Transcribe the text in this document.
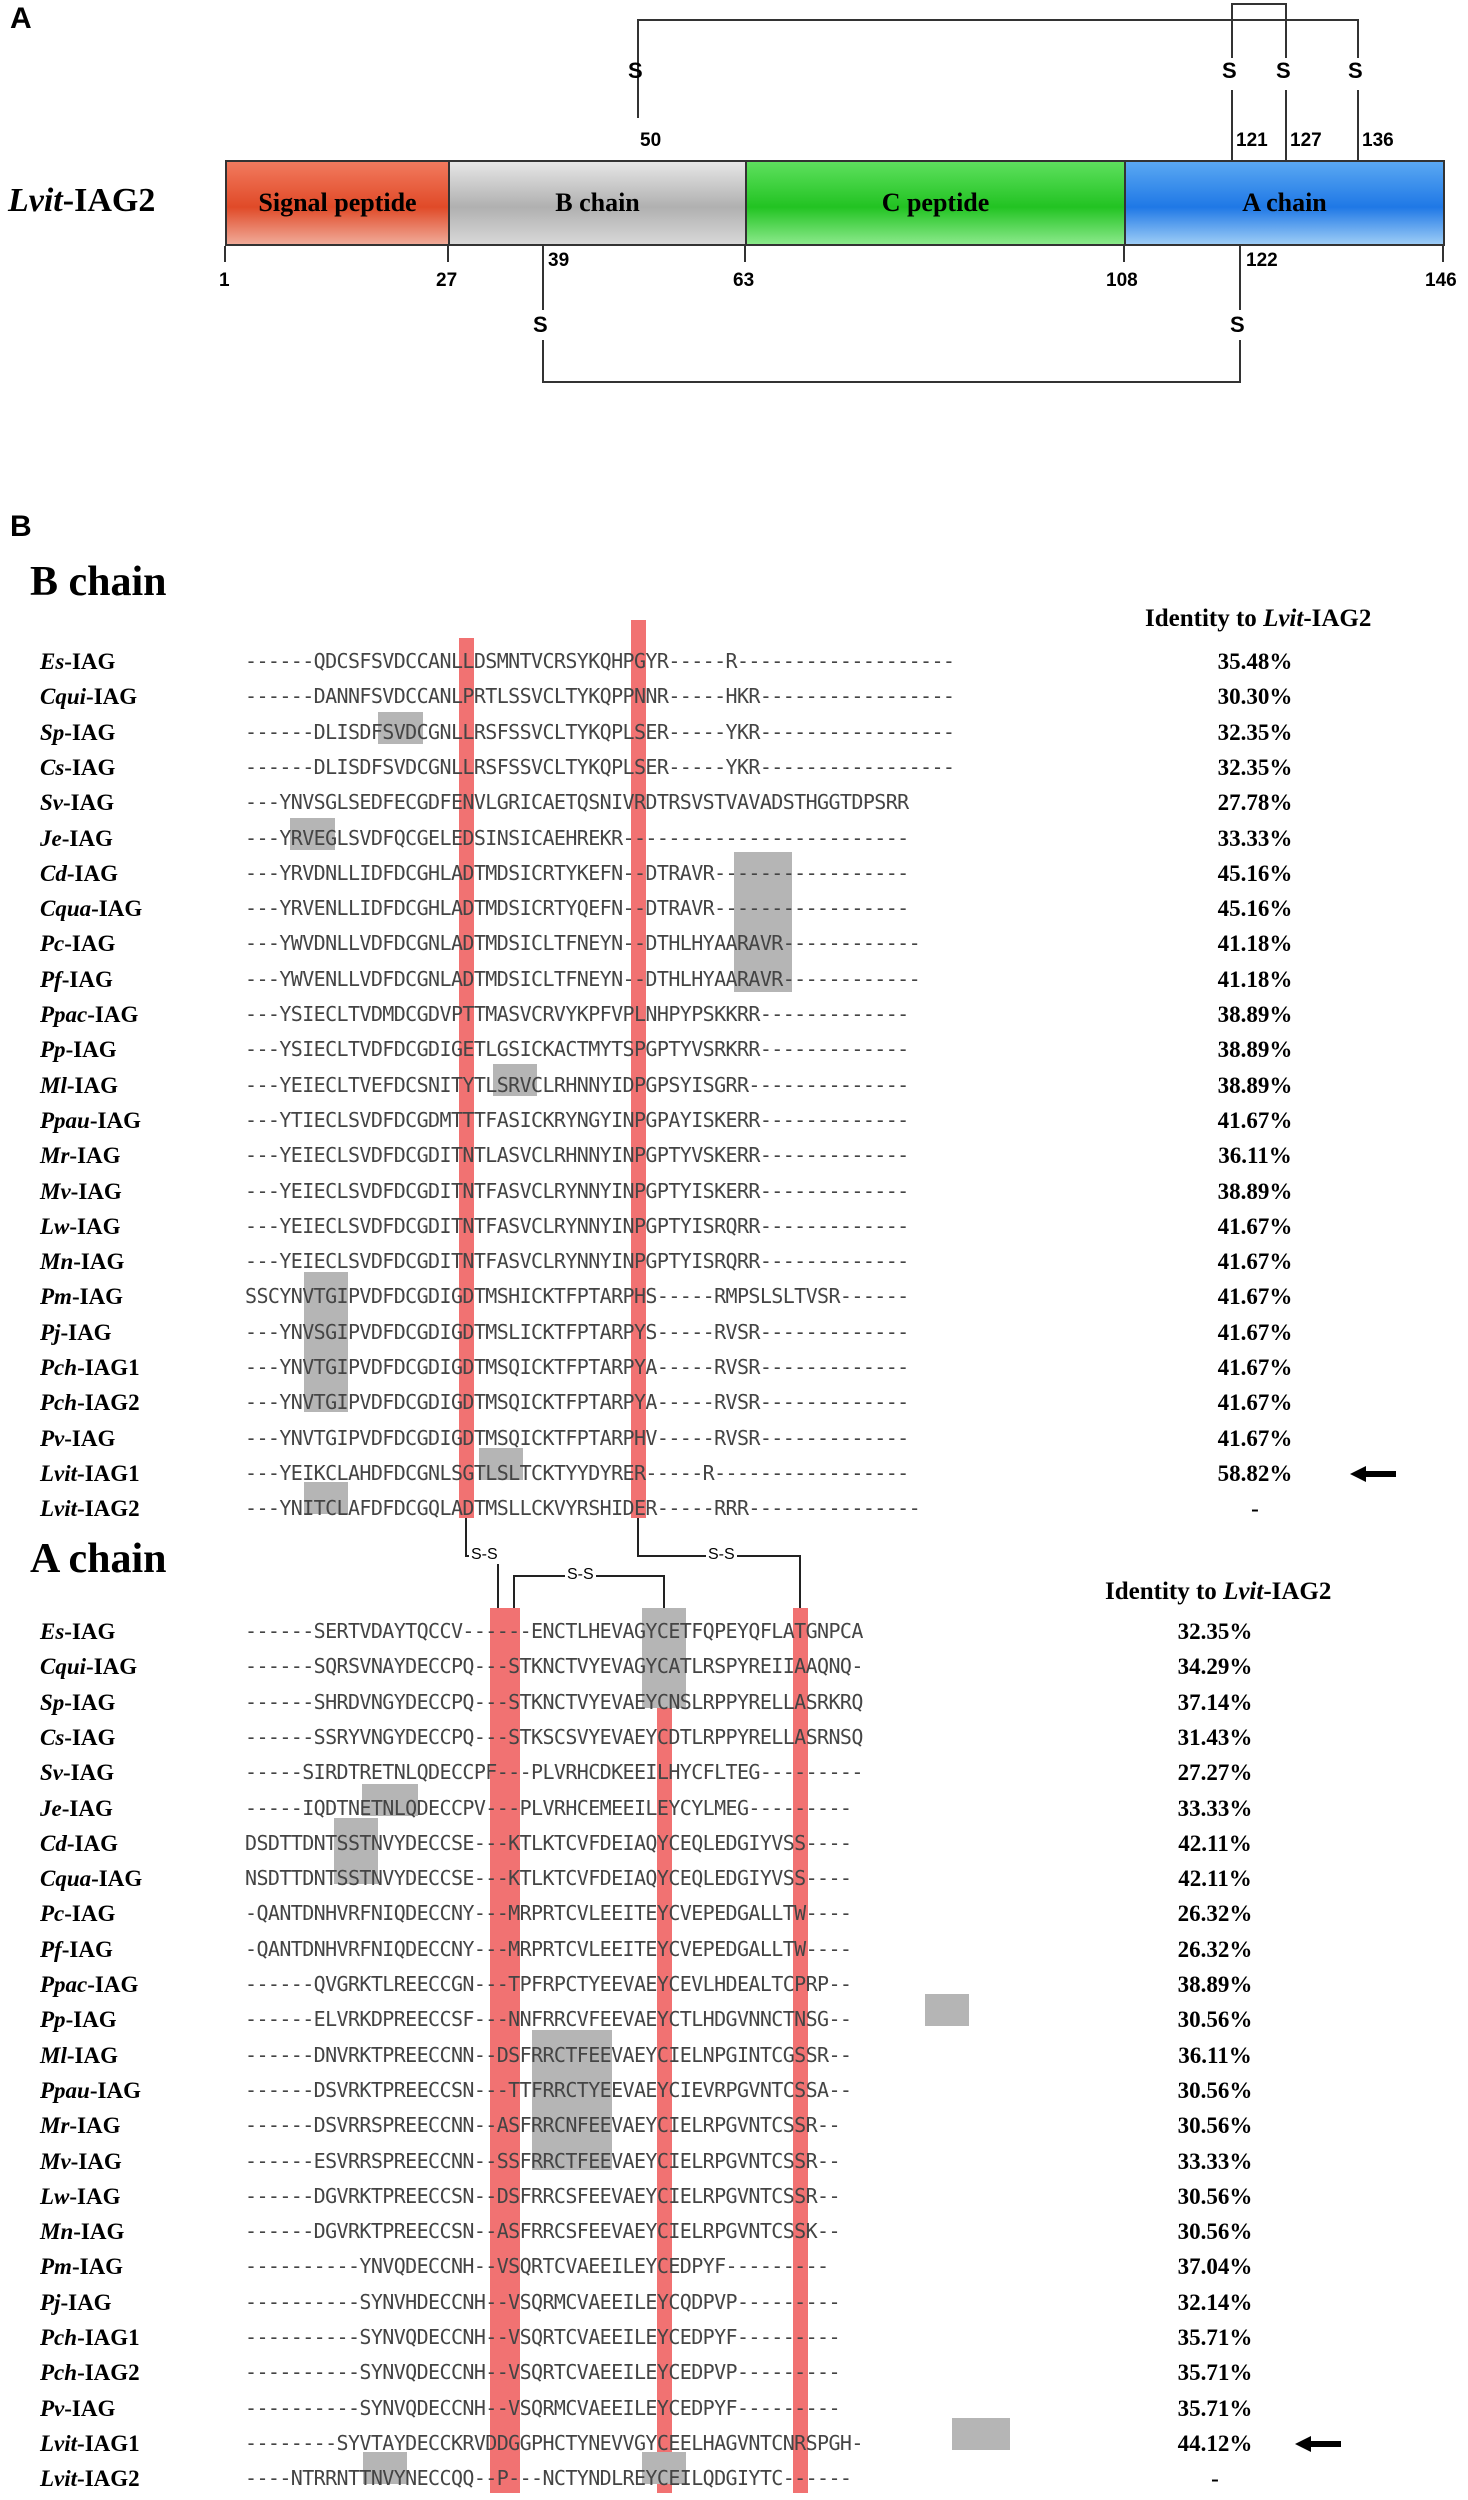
A
S	S S	S
S	S
50	121 127 136
1	27
39
63	108
122
146
Lvit-IAG2	Signal peptide	B chain	C peptide	A chain
B
B chain
Identity to Lvit-IAG2
Es-IAG	------QDCSFSVDCCANLLDSMNTVCRSYKQHPGYR-----R-------------------	35.48%
Cqui-IAG	------DANNFSVDCCANLPRTLSSVCLTYKQPPNNR-----HKR-----------------	30.30%
Sp-IAG	------DLISDFSVDCGNLLRSFSSVCLTYKQPLSER-----YKR-----------------	32.35%
Cs-IAG	------DLISDFSVDCGNLLRSFSSVCLTYKQPLSER-----YKR-----------------	32.35%
Sv-IAG	---YNVSGLSEDFECGDFENVLGRICAETQSNIVRDTRSVSTVAVADSTHGGTDPSRR	27.78%
Je-IAG	---YRVEGLSVDFQCGELEDSINSICAEHREKR-------------------------	33.33%
Cd-IAG	---YRVDNLLIDFDCGHLADTMDSICRTYKEFN--DTRAVR-----------------	45.16%
Cqua-IAG	---YRVENLLIDFDCGHLADTMDSICRTYQEFN--DTRAVR-----------------	45.16%
Pc-IAG	---YWVDNLLVDFDCGNLADTMDSICLTFNEYN--DTHLHYAARAVR------------	41.18%
Pf-IAG	---YWVENLLVDFDCGNLADTMDSICLTFNEYN--DTHLHYAARAVR------------	41.18%
Ppac-IAG	---YSIECLTVDMDCGDVPTTMASVCRVYKPFVPLNHPYPSKKRR-------------	38.89%
Pp-IAG	---YSIECLTVDFDCGDIGETLGSICKACTMYTSPGPTYVSRKRR-------------	38.89%
Ml-IAG	---YEIECLTVEFDCSNITYTLSRVCLRHNNYIDPGPSYISGRR--------------	38.89%
Ppau-IAG	---YTIECLSVDFDCGDMTTTFASICKRYNGYINPGPAYISKERR-------------	41.67%
Mr-IAG	---YEIECLSVDFDCGDITNTLASVCLRHNNYINPGPTYVSKERR-------------	36.11%
Mv-IAG	---YEIECLSVDFDCGDITNTFASVCLRYNNYINPGPTYISKERR-------------	38.89%
Lw-IAG	---YEIECLSVDFDCGDITNTFASVCLRYNNYINPGPTYISRQRR-------------	41.67%
Mn-IAG	---YEIECLSVDFDCGDITNTFASVCLRYNNYINPGPTYISRQRR-------------	41.67%
Pm-IAG	SSCYNVTGIPVDFDCGDIGDTMSHICKTFPTARPHS-----RMPSLSLTVSR------	41.67%
Pj-IAG	---YNVSGIPVDFDCGDIGDTMSLICKTFPTARPYS-----RVSR-------------	41.67%
Pch-IAG1	---YNVTGIPVDFDCGDIGDTMSQICKTFPTARPYA-----RVSR-------------	41.67%
Pch-IAG2	---YNVTGIPVDFDCGDIGDTMSQICKTFPTARPYA-----RVSR-------------	41.67%
Pv-IAG	---YNVTGIPVDFDCGDIGDTMSQICKTFPTARPHV-----RVSR-------------	41.67%
Lvit-IAG1	---YEIKCLAHDFDCGNLSGTLSLTCKTYYDYRER-----R-----------------	58.82%
Lvit-IAG2	---YNITCLAFDFDCGQLADTMSLLCKVYRSHIDER-----RRR---------------	-
A chain
Identity to Lvit-IAG2
S-S
S-S
S-S
Es-IAG	------SERTVDAYTQCCV------ENCTLHEVAGYCETFQPEYQFLATGNPCA	32.35%
Cqui-IAG	------SQRSVNAYDECCPQ---STKNCTVYEVAGYCATLRSPYREIIAAQNQ-	34.29%
Sp-IAG	------SHRDVNGYDECCPQ---STKNCTVYEVAEYCNSLRPPYRELLASRKRQ	37.14%
Cs-IAG	------SSRYVNGYDECCPQ---STKSCSVYEVAEYCDTLRPPYRELLASRNSQ	31.43%
Sv-IAG	-----SIRDTRETNLQDECCPF---PLVRHCDKEEILHYCFLTEG---------	27.27%
Je-IAG	-----IQDTNETNLQDECCPV---PLVRHCEMEEILEYCYLMEG---------	33.33%
Cd-IAG	DSDTTDNTSSTNVYDECCSE---KTLKTCVFDEIAQYCEQLEDGIYVSS----	42.11%
Cqua-IAG	NSDTTDNTSSTNVYDECCSE---KTLKTCVFDEIAQYCEQLEDGIYVSS----	42.11%
Pc-IAG	-QANTDNHVRFNIQDECCNY---MRPRTCVLEEITEYCVEPEDGALLTW----	26.32%
Pf-IAG	-QANTDNHVRFNIQDECCNY---MRPRTCVLEEITEYCVEPEDGALLTW----	26.32%
Ppac-IAG	------QVGRKTLREECCGN---TPFRPCTYEEVAEYCEVLHDEALTCPRP--	38.89%
Pp-IAG	------ELVRKDPREECCSF---NNFRRCVFEEVAEYCTLHDGVNNCTNSG--	30.56%
Ml-IAG	------DNVRKTPREECCNN--DSFRRCTFEEVAEYCIELNPGINTCGSSR--	36.11%
Ppau-IAG	------DSVRKTPREECCSN---TTFRRCTYEEVAEYCIEVRPGVNTCSSA--	30.56%
Mr-IAG	------DSVRRSPREECCNN--ASFRRCNFEEVAEYCIELRPGVNTCSSR--	30.56%
Mv-IAG	------ESVRRSPREECCNN--SSFRRCTFEEVAEYCIELRPGVNTCSSR--	33.33%
Lw-IAG	------DGVRKTPREECCSN--DSFRRCSFEEVAEYCIELRPGVNTCSSR--	30.56%
Mn-IAG	------DGVRKTPREECCSN--ASFRRCSFEEVAEYCIELRPGVNTCSSK--	30.56%
Pm-IAG	----------YNVQDECCNH--VSQRTCVAEEILEYCEDPYF---------	37.04%
Pj-IAG	----------SYNVHDECCNH--VSQRMCVAEEILEYCQDPVP---------	32.14%
Pch-IAG1	----------SYNVQDECCNH--VSQRTCVAEEILEYCEDPYF---------	35.71%
Pch-IAG2	----------SYNVQDECCNH--VSQRTCVAEEILEYCEDPVP---------	35.71%
Pv-IAG	----------SYNVQDECCNH--VSQRMCVAEEILEYCEDPYF---------	35.71%
Lvit-IAG1	--------SYVTAYDECCKRVDDGGPHCTYNEVVGYCEELHAGVNTCNRSPGH-	44.12%
Lvit-IAG2	----NTRRNTTNVYNECCQQ--P---NCTYNDLREYCEILQDGIYTC------	-
